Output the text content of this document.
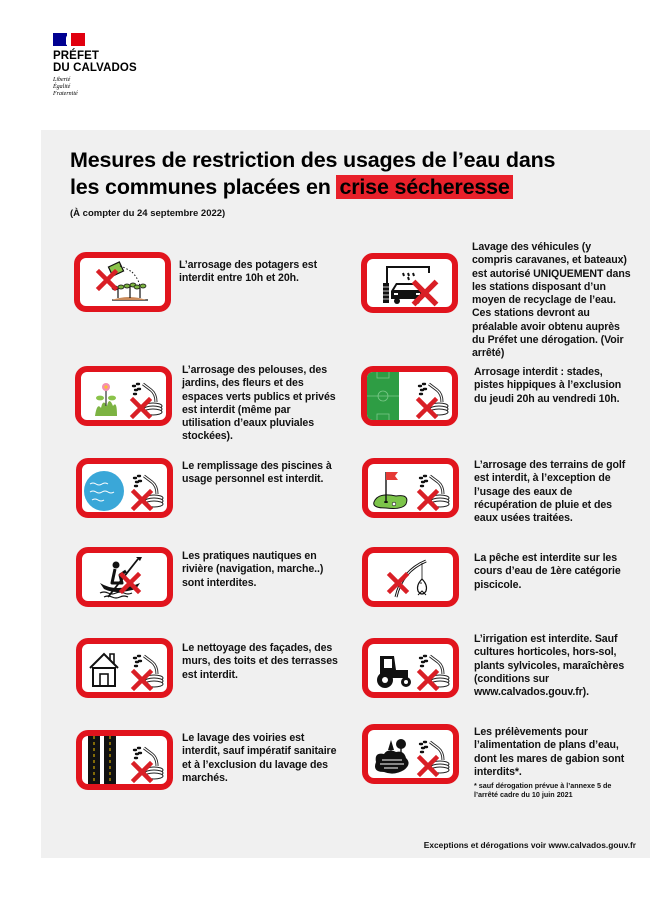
PRÉFET
DU CALVADOS
Liberté
Égalité
Fraternité
Mesures de restriction des usages de l’eau dans
les communes placées en crise sécheresse
(À compter du 24 septembre 2022)
L’arrosage des potagers est interdit entre 10h et 20h.
Lavage des véhicules (y compris caravanes, et bateaux) est autorisé UNIQUEMENT dans les stations disposant d’un moyen de recyclage de l’eau. Ces stations devront au préalable avoir obtenu auprès du Préfet une dérogation. (Voir arrêté)
L’arrosage des pelouses, des jardins, des fleurs et des espaces verts publics et privés est interdit (même par utilisation d’eaux pluviales stockées).
Arrosage interdit : stades, pistes hippiques à l’exclusion du jeudi 20h au vendredi 10h.
Le remplissage des piscines à usage personnel est interdit.
L’arrosage des terrains de golf est interdit, à l’exception de l’usage des eaux de récupération de pluie et des eaux usées traitées.
Les pratiques nautiques en rivière (navigation, marche..) sont interdites.
La pêche est interdite sur les cours d’eau de 1ère catégorie piscicole.
Le nettoyage des façades, des murs, des toits et des terrasses est interdit.
L’irrigation est interdite. Sauf cultures horticoles, hors-sol, plants sylvicoles, maraîchères (conditions sur www.calvados.gouv.fr).
Le lavage des voiries est interdit, sauf impératif sanitaire et à l’exclusion du lavage des marchés.
Les prélèvements pour l’alimentation de plans d’eau, dont les mares de gabion sont interdits*.
* sauf dérogation prévue à l’annexe 5 de l’arrêté cadre du 10 juin 2021
Exceptions et dérogations voir www.calvados.gouv.fr
